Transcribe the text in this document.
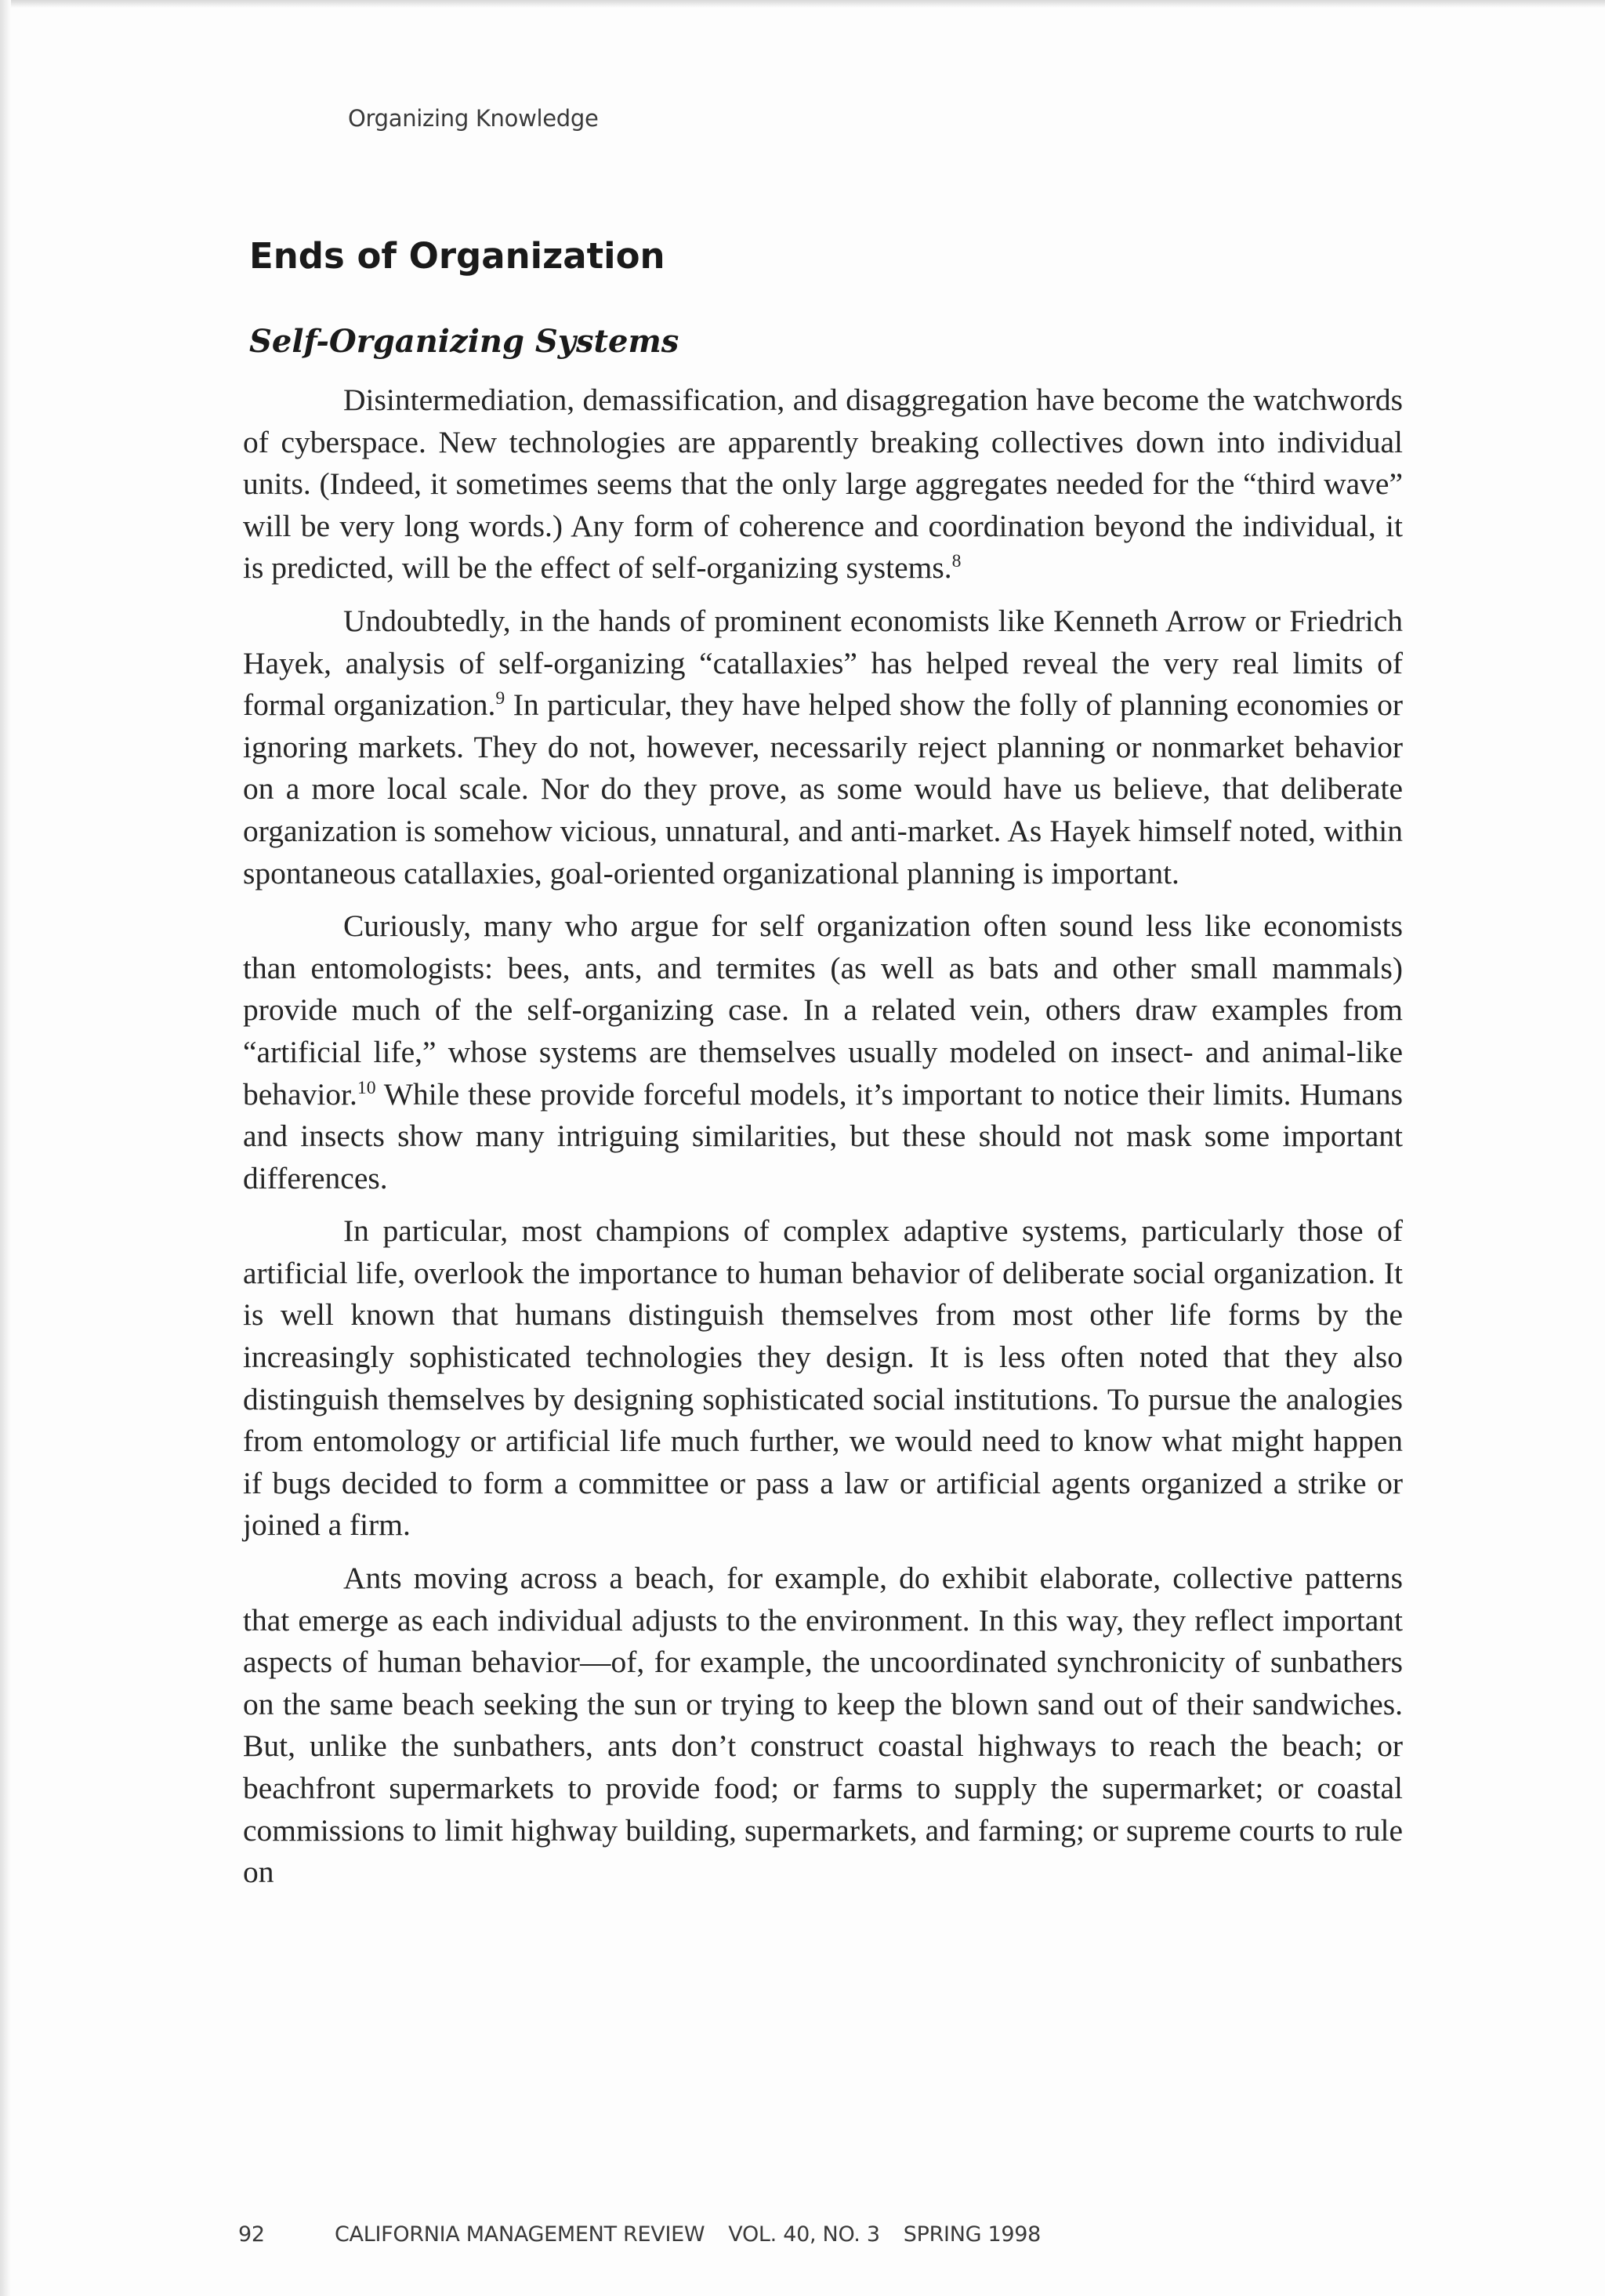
Organizing Knowledge
Ends of Organization
Self-Organizing Systems

Disintermediation, demassification, and disaggregation have become the watchwords of cyberspace. New technologies are apparently breaking collectives down into individual units. (Indeed, it sometimes seems that the only large aggregates needed for the “third wave” will be very long words.) Any form of coherence and coordination beyond the individual, it is predicted, will be the effect of self-organizing systems.$^8$

Undoubtedly, in the hands of prominent economists like Kenneth Arrow or Friedrich Hayek, analysis of self-organizing “catallaxies” has helped reveal the very real limits of formal organization.$^9$ In particular, they have helped show the folly of planning economies or ignoring markets. They do not, however, necessarily reject planning or nonmarket behavior on a more local scale. Nor do they prove, as some would have us believe, that deliberate organization is somehow vicious, unnatural, and anti-market. As Hayek himself noted, within spontaneous catallaxies, goal-oriented organizational planning is important.

Curiously, many who argue for self organization often sound less like economists than entomologists: bees, ants, and termites (as well as bats and other small mammals) provide much of the self-organizing case. In a related vein, others draw examples from “artificial life,” whose systems are themselves usually modeled on insect- and animal-like behavior.$^{10}$ While these provide forceful models, it’s important to notice their limits. Humans and insects show many intriguing similarities, but these should not mask some important differences.

In particular, most champions of complex adaptive systems, particularly those of artificial life, overlook the importance to human behavior of deliberate social organization. It is well known that humans distinguish themselves from most other life forms by the increasingly sophisticated technologies they design. It is less often noted that they also distinguish themselves by designing sophisticated social institutions. To pursue the analogies from entomology or artificial life much further, we would need to know what might happen if bugs decided to form a committee or pass a law or artificial agents organized a strike or joined a firm.

Ants moving across a beach, for example, do exhibit elaborate, collective patterns that emerge as each individual adjusts to the environment. In this way, they reflect important aspects of human behavior—of, for example, the uncoordinated synchronicity of sunbathers on the same beach seeking the sun or trying to keep the blown sand out of their sandwiches. But, unlike the sunbathers, ants don’t construct coastal highways to reach the beach; or beachfront supermarkets to provide food; or farms to supply the supermarket; or coastal commissions to limit highway building, supermarkets, and farming; or supreme courts to rule on

92	CALIFORNIA MANAGEMENT REVIEW VOL. 40, NO. 3 SPRING 1998
